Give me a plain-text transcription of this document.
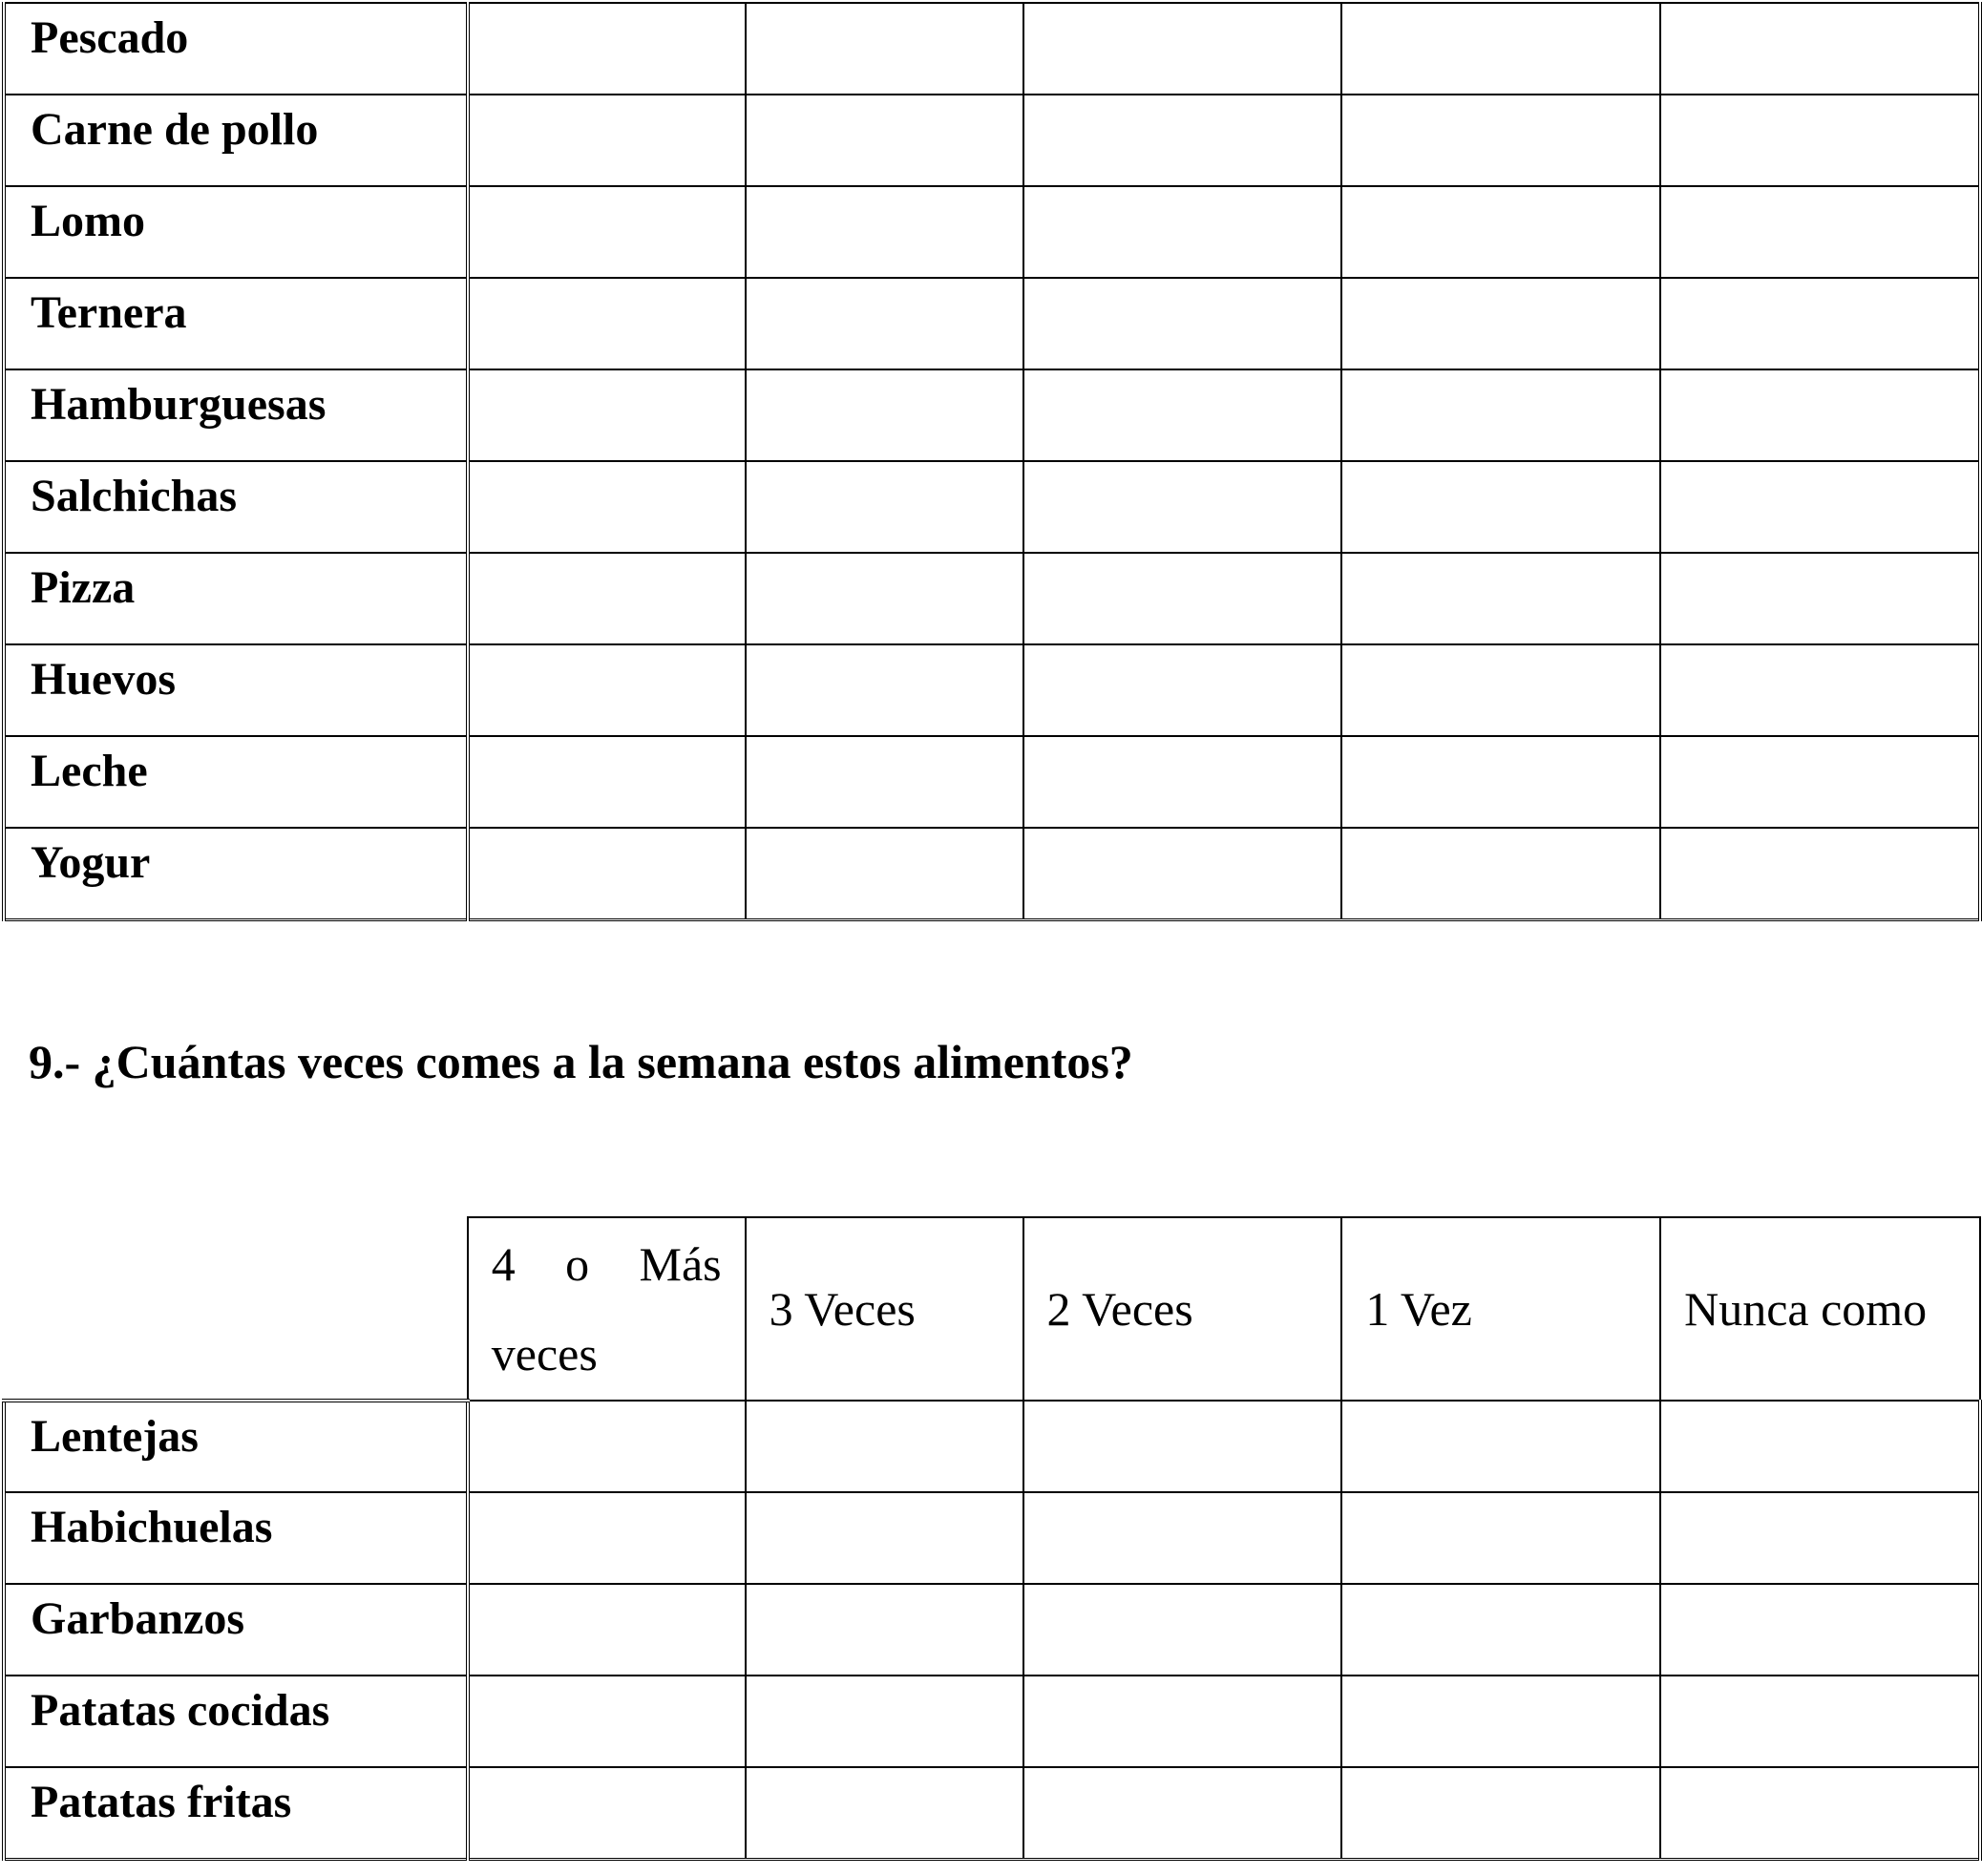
Pescado					
Carne de pollo					
Lomo					
Ternera					
Hamburguesas					
Salchichas					
Pizza					
Huevos					
Leche					
Yogur					
9.- ¿Cuántas veces comes a la semana estos alimentos?
	4 o Más veces	3 Veces	2 Veces	1 Vez	Nunca como
Lentejas					
Habichuelas					
Garbanzos					
Patatas cocidas					
Patatas fritas					
